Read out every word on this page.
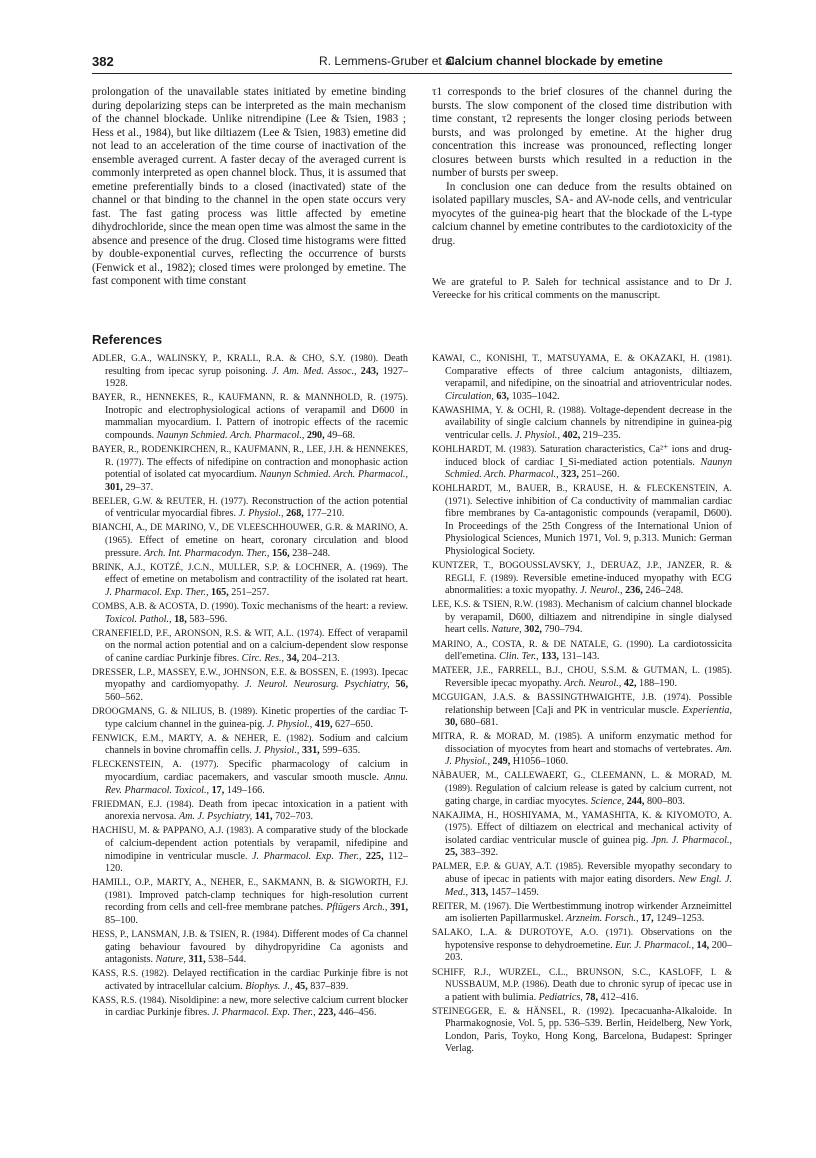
382	R. Lemmens-Gruber et al
Calcium channel blockade by emetine

prolongation of the unavailable states initiated by emetine binding during depolarizing steps can be interpreted as the main mechanism of the channel blockade. Unlike nitrendipine (Lee & Tsien, 1983 ; Hess et al., 1984), but like diltiazem (Lee & Tsien, 1983) emetine did not lead to an acceleration of the time course of inactivation of the ensemble averaged current. A faster decay of the averaged current is commonly interpreted as open channel block. Thus, it is assumed that emetine preferentially binds to a closed (inactivated) state of the channel or that binding to the channel in the open state occurs very fast. The fast gating process was little affected by emetine dihydrochloride, since the mean open time was almost the same in the absence and presence of the drug. Closed time histograms were fitted by double-exponential curves, reflecting the occurrence of bursts (Fenwick et al., 1982); closed times were prolonged by emetine. The fast component with time constant

τ1 corresponds to the brief closures of the channel during the bursts. The slow component of the closed time distribution with time constant, τ2 represents the longer closing periods between bursts, and was prolonged by emetine. At the higher drug concentration this increase was pronounced, reflecting longer closures between bursts which resulted in a reduction in the number of bursts per sweep.

In conclusion one can deduce from the results obtained on isolated papillary muscles, SA- and AV-node cells, and ventricular myocytes of the guinea-pig heart that the blockade of the L-type calcium channel by emetine contributes to the cardiotoxicity of the drug.

We are grateful to P. Saleh for technical assistance and to Dr J. Vereecke for his critical comments on the manuscript.

References

ADLER, G.A., WALINSKY, P., KRALL, R.A. & CHO, S.Y. (1980). Death resulting from ipecac syrup poisoning. J. Am. Med. Assoc., 243, 1927–1928.

BAYER, R., HENNEKES, R., KAUFMANN, R. & MANNHOLD, R. (1975). Inotropic and electrophysiological actions of verapamil and D600 in mammalian myocardium. I. Pattern of inotropic effects of the racemic compounds. Naunyn Schmied. Arch. Pharmacol., 290, 49–68.

BAYER, R., RODENKIRCHEN, R., KAUFMANN, R., LEE, J.H. & HENNEKES, R. (1977). The effects of nifedipine on contraction and monophasic action potential of isolated cat myocardium. Naunyn Schmied. Arch. Pharmacol., 301, 29–37.

BEELER, G.W. & REUTER, H. (1977). Reconstruction of the action potential of ventricular myocardial fibres. J. Physiol., 268, 177–210.

BIANCHI, A., DE MARINO, V., DE VLEESCHHOUWER, G.R. & MARINO, A. (1965). Effect of emetine on heart, coronary circulation and blood pressure. Arch. Int. Pharmacodyn. Ther., 156, 238–248.

BRINK, A.J., KOTZÉ, J.C.N., MULLER, S.P. & LOCHNER, A. (1969). The effect of emetine on metabolism and contractility of the isolated rat heart. J. Pharmacol. Exp. Ther., 165, 251–257.

COMBS, A.B. & ACOSTA, D. (1990). Toxic mechanisms of the heart: a review. Toxicol. Pathol., 18, 583–596.

CRANEFIELD, P.F., ARONSON, R.S. & WIT, A.L. (1974). Effect of verapamil on the normal action potential and on a calcium-dependent slow response of canine cardiac Purkinje fibres. Circ. Res., 34, 204–213.

DRESSER, L.P., MASSEY, E.W., JOHNSON, E.E. & BOSSEN, E. (1993). Ipecac myopathy and cardiomyopathy. J. Neurol. Neurosurg. Psychiatry, 56, 560–562.

DROOGMANS, G. & NILIUS, B. (1989). Kinetic properties of the cardiac T-type calcium channel in the guinea-pig. J. Physiol., 419, 627–650.

FENWICK, E.M., MARTY, A. & NEHER, E. (1982). Sodium and calcium channels in bovine chromaffin cells. J. Physiol., 331, 599–635.

FLECKENSTEIN, A. (1977). Specific pharmacology of calcium in myocardium, cardiac pacemakers, and vascular smooth muscle. Annu. Rev. Pharmacol. Toxicol., 17, 149–166.

FRIEDMAN, E.J. (1984). Death from ipecac intoxication in a patient with anorexia nervosa. Am. J. Psychiatry, 141, 702–703.

HACHISU, M. & PAPPANO, A.J. (1983). A comparative study of the blockade of calcium-dependent action potentials by verapamil, nifedipine and nimodipine in ventricular muscle. J. Pharmacol. Exp. Ther., 225, 112–120.

HAMILL, O.P., MARTY, A., NEHER, E., SAKMANN, B. & SIGWORTH, F.J. (1981). Improved patch-clamp techniques for high-resolution current recording from cells and cell-free membrane patches. Pflügers Arch., 391, 85–100.

HESS, P., LANSMAN, J.B. & TSIEN, R. (1984). Different modes of Ca channel gating behaviour favoured by dihydropyridine Ca agonists and antagonists. Nature, 311, 538–544.

KASS, R.S. (1982). Delayed rectification in the cardiac Purkinje fibre is not activated by intracellular calcium. Biophys. J., 45, 837–839.

KASS, R.S. (1984). Nisoldipine: a new, more selective calcium current blocker in cardiac Purkinje fibres. J. Pharmacol. Exp. Ther., 223, 446–456.

KAWAI, C., KONISHI, T., MATSUYAMA, E. & OKAZAKI, H. (1981). Comparative effects of three calcium antagonists, diltiazem, verapamil, and nifedipine, on the sinoatrial and atrioventricular nodes. Circulation, 63, 1035–1042.

KAWASHIMA, Y. & OCHI, R. (1988). Voltage-dependent decrease in the availability of single calcium channels by nitrendipine in guinea-pig ventricular cells. J. Physiol., 402, 219–235.

KOHLHARDT, M. (1983). Saturation characteristics, Ca²⁺ ions and drug-induced block of cardiac I_Si-mediated action potentials. Naunyn Schmied. Arch. Pharmacol., 323, 251–260.

KOHLHARDT, M., BAUER, B., KRAUSE, H. & FLECKENSTEIN, A. (1971). Selective inhibition of Ca conductivity of mammalian cardiac fibre membranes by Ca-antagonistic compounds (verapamil, D600). In Proceedings of the 25th Congress of the International Union of Physiological Sciences, Munich 1971, Vol. 9, p.313. Munich: German Physiological Society.

KUNTZER, T., BOGOUSSLAVSKY, J., DERUAZ, J.P., JANZER, R. & REGLI, F. (1989). Reversible emetine-induced myopathy with ECG abnormalities: a toxic myopathy. J. Neurol., 236, 246–248.

LEE, K.S. & TSIEN, R.W. (1983). Mechanism of calcium channel blockade by verapamil, D600, diltiazem and nitrendipine in single dialysed heart cells. Nature, 302, 790–794.

MARINO, A., COSTA, R. & DE NATALE, G. (1990). La cardiotossicita dell'emetina. Clin. Ter., 133, 131–143.

MATEER, J.E., FARRELL, B.J., CHOU, S.S.M. & GUTMAN, L. (1985). Reversible ipecac myopathy. Arch. Neurol., 42, 188–190.

MCGUIGAN, J.A.S. & BASSINGTHWAIGHTE, J.B. (1974). Possible relationship between [Ca]i and PK in ventricular muscle. Experientia, 30, 680–681.

MITRA, R. & MORAD, M. (1985). A uniform enzymatic method for dissociation of myocytes from heart and stomachs of vertebrates. Am. J. Physiol., 249, H1056–1060.

NÄBAUER, M., CALLEWAERT, G., CLEEMANN, L. & MORAD, M. (1989). Regulation of calcium release is gated by calcium current, not gating charge, in cardiac myocytes. Science, 244, 800–803.

NAKAJIMA, H., HOSHIYAMA, M., YAMASHITA, K. & KIYOMOTO, A. (1975). Effect of diltiazem on electrical and mechanical activity of isolated cardiac ventricular muscle of guinea pig. Jpn. J. Pharmacol., 25, 383–392.

PALMER, E.P. & GUAY, A.T. (1985). Reversible myopathy secondary to abuse of ipecac in patients with major eating disorders. New Engl. J. Med., 313, 1457–1459.

REITER, M. (1967). Die Wertbestimmung inotrop wirkender Arzneimittel am isolierten Papillarmuskel. Arzneim. Forsch., 17, 1249–1253.

SALAKO, L.A. & DUROTOYE, A.O. (1971). Observations on the hypotensive response to dehydroemetine. Eur. J. Pharmacol., 14, 200–203.

SCHIFF, R.J., WURZEL, C.L., BRUNSON, S.C., KASLOFF, I. & NUSSBAUM, M.P. (1986). Death due to chronic syrup of ipecac use in a patient with bulimia. Pediatrics, 78, 412–416.

STEINEGGER, E. & HÄNSEL, R. (1992). Ipecacuanha-Alkaloide. In Pharmakognosie, Vol. 5, pp. 536–539. Berlin, Heidelberg, New York, London, Paris, Toyko, Hong Kong, Barcelona, Budapest: Springer Verlag.
